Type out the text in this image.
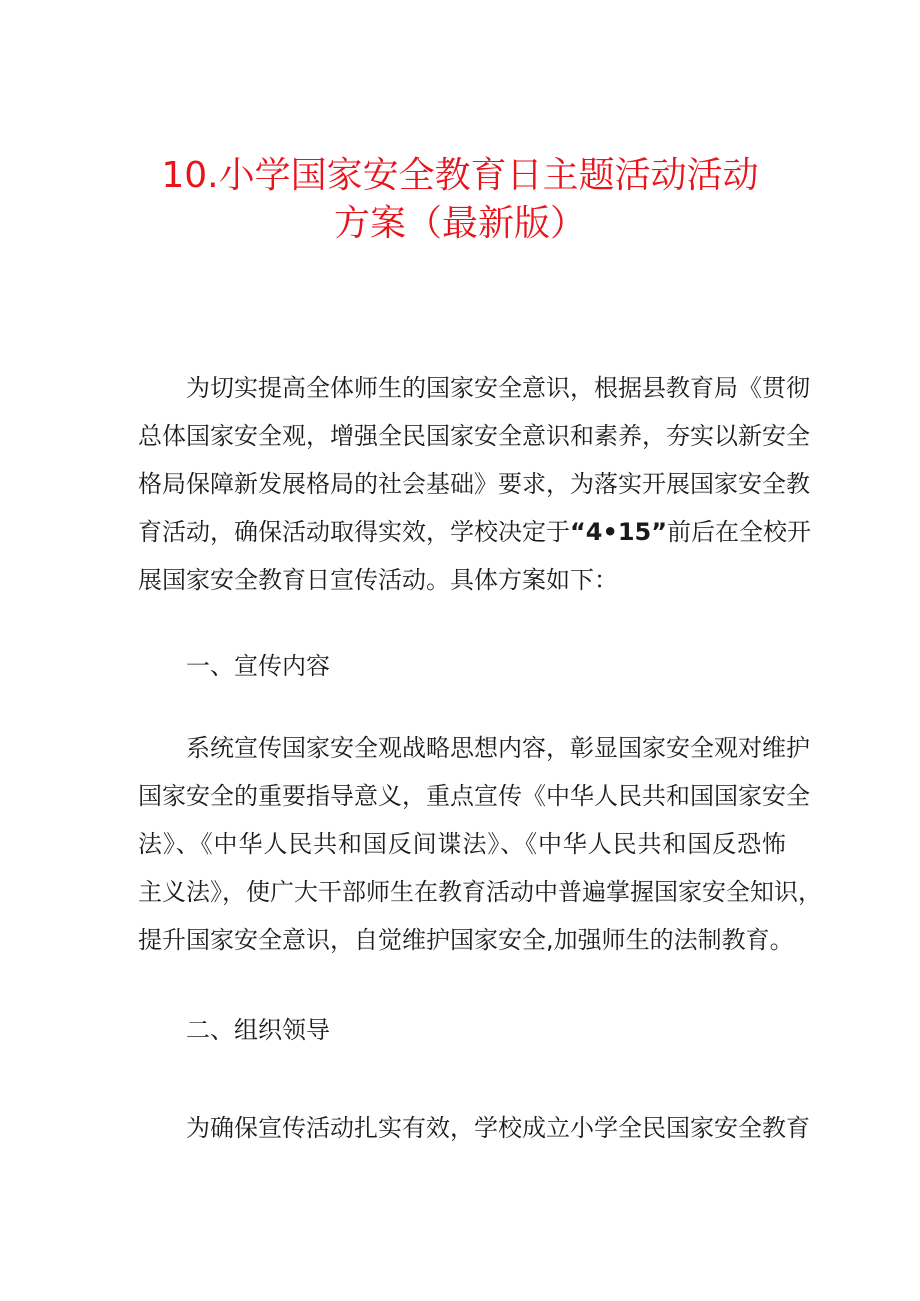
10.小学国家安全教育日主题活动活动
方案（最新版）
为切实提高全体师生的国家安全意识，根据县教育局《贯彻
总体国家安全观，增强全民国家安全意识和素养，夯实以新安全
格局保障新发展格局的社会基础》要求，为落实开展国家安全教
育活动，确保活动取得实效，学校决定于“4•15”前后在全校开
展国家安全教育日宣传活动。具体方案如下：
一、宣传内容
系统宣传国家安全观战略思想内容，彰显国家安全观对维护
国家安全的重要指导意义，重点宣传《中华人民共和国国家安全
法》、《中华人民共和国反间谍法》、《中华人民共和国反恐怖
主义法》，使广大干部师生在教育活动中普遍掌握国家安全知识，
提升国家安全意识，自觉维护国家安全,加强师生的法制教育。
二、组织领导
为确保宣传活动扎实有效，学校成立小学全民国家安全教育
